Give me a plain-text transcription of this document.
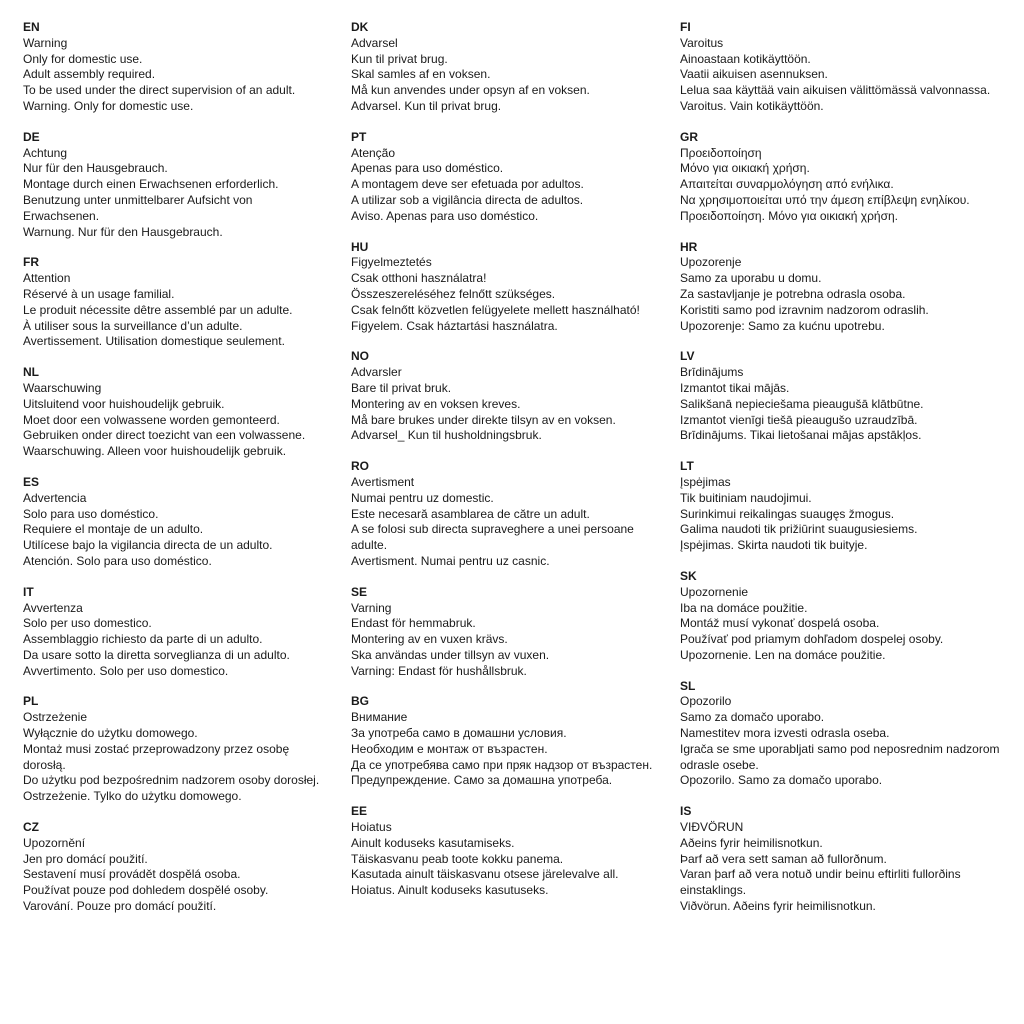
EN
Warning
Only for domestic use.
Adult assembly required.
To be used under the direct supervision of an adult.
Warning. Only for domestic use.
DE
Achtung
Nur für den Hausgebrauch.
Montage durch einen Erwachsenen erforderlich.
Benutzung unter unmittelbarer Aufsicht von Erwachsenen.
Warnung. Nur für den Hausgebrauch.
FR
Attention
Réservé à un usage familial.
Le produit nécessite dêtre assemblé par un adulte.
À utiliser sous la surveillance d’un adulte.
Avertissement. Utilisation domestique seulement.
NL
Waarschuwing
Uitsluitend voor huishoudelijk gebruik.
Moet door een volwassene worden gemonteerd.
Gebruiken onder direct toezicht van een volwassene.
Waarschuwing. Alleen voor huishoudelijk gebruik.
ES
Advertencia
Solo para uso doméstico.
Requiere el montaje de un adulto.
Utilícese bajo la vigilancia directa de un adulto.
Atención. Solo para uso doméstico.
IT
Avvertenza
Solo per uso domestico.
Assemblaggio richiesto da parte di un adulto.
Da usare sotto la diretta sorveglianza di un adulto.
Avvertimento. Solo per uso domestico.
PL
Ostrzeżenie
Wyłącznie do użytku domowego.
Montaż musi zostać przeprowadzony przez osobę dorosłą.
Do użytku pod bezpośrednim nadzorem osoby dorosłej.
Ostrzeżenie. Tylko do użytku domowego.
CZ
Upozornění
Jen pro domácí použití.
Sestavení musí provádět dospělá osoba.
Používat pouze pod dohledem dospělé osoby.
Varování. Pouze pro domácí použití.
DK
Advarsel
Kun til privat brug.
Skal samles af en voksen.
Må kun anvendes under opsyn af en voksen.
Advarsel. Kun til privat brug.
PT
Atenção
Apenas para uso doméstico.
A montagem deve ser efetuada por adultos.
A utilizar sob a vigilância directa de adultos.
Aviso. Apenas para uso doméstico.
HU
Figyelmeztetés
Csak otthoni használatra!
Összeszereléséhez felnőtt szükséges.
Csak felnőtt közvetlen felügyelete mellett használható!
Figyelem. Csak háztartási használatra.
NO
Advarsler
Bare til privat bruk.
Montering av en voksen kreves.
Må bare brukes under direkte tilsyn av en voksen.
Advarsel_ Kun til husholdningsbruk.
RO
Avertisment
Numai pentru uz domestic.
Este necesară asamblarea de către un adult.
A se folosi sub directa supraveghere a unei persoane adulte.
Avertisment. Numai pentru uz casnic.
SE
Varning
Endast för hemmabruk.
Montering av en vuxen krävs.
Ska användas under tillsyn av vuxen.
Varning: Endast för hushållsbruk.
BG
Внимание
За употреба само в домашни условия.
Необходим е монтаж от възрастен.
Да се употребява само при пряк надзор от възрастен.
Предупреждение. Само за домашна употреба.
EE
Hoiatus
Ainult koduseks kasutamiseks.
Täiskasvanu peab toote kokku panema.
Kasutada ainult täiskasvanu otsese järelevalve all.
Hoiatus. Ainult koduseks kasutuseks.
FI
Varoitus
Ainoastaan kotikäyttöön.
Vaatii aikuisen asennuksen.
Lelua saa käyttää vain aikuisen välittömässä valvonnassa.
Varoitus. Vain kotikäyttöön.
GR
Προειδοποίηση
Μόνο για οικιακή χρήση.
Απαιτείται συναρμολόγηση από ενήλικα.
Να χρησιμοποιείται υπό την άμεση επίβλεψη ενηλίκου.
Προειδοποίηση. Μόνο για οικιακή χρήση.
HR
Upozorenje
Samo za uporabu u domu.
Za sastavljanje je potrebna odrasla osoba.
Koristiti samo pod izravnim nadzorom odraslih.
Upozorenje: Samo za kućnu upotrebu.
LV
Brīdinājums
Izmantot tikai mājās.
Salikšanā nepieciešama pieaugušā klātbūtne.
Izmantot vienīgi tiešā pieaugušo uzraudzībā.
Brīdinājums. Tikai lietošanai mājas apstākļos.
LT
Įspėjimas
Tik buitiniam naudojimui.
Surinkimui reikalingas suaugęs žmogus.
Galima naudoti tik prižiūrint suaugusiesiems.
Įspėjimas. Skirta naudoti tik buityje.
SK
Upozornenie
Iba na domáce použitie.
Montáž musí vykonať dospelá osoba.
Používať pod priamym dohľadom dospelej osoby.
Upozornenie. Len na domáce použitie.
SL
Opozorilo
Samo za domačo uporabo.
Namestitev mora izvesti odrasla oseba.
Igrača se sme uporabljati samo pod neposrednim nadzorom odrasle osebe.
Opozorilo. Samo za domačo uporabo.
IS
VIÐVÖRUN
Aðeins fyrir heimilisnotkun.
Þarf að vera sett saman að fullorðnum.
Varan þarf að vera notuð undir beinu eftirliti fullorðins einstaklings.
Viðvörun. Aðeins fyrir heimilisnotkun.
